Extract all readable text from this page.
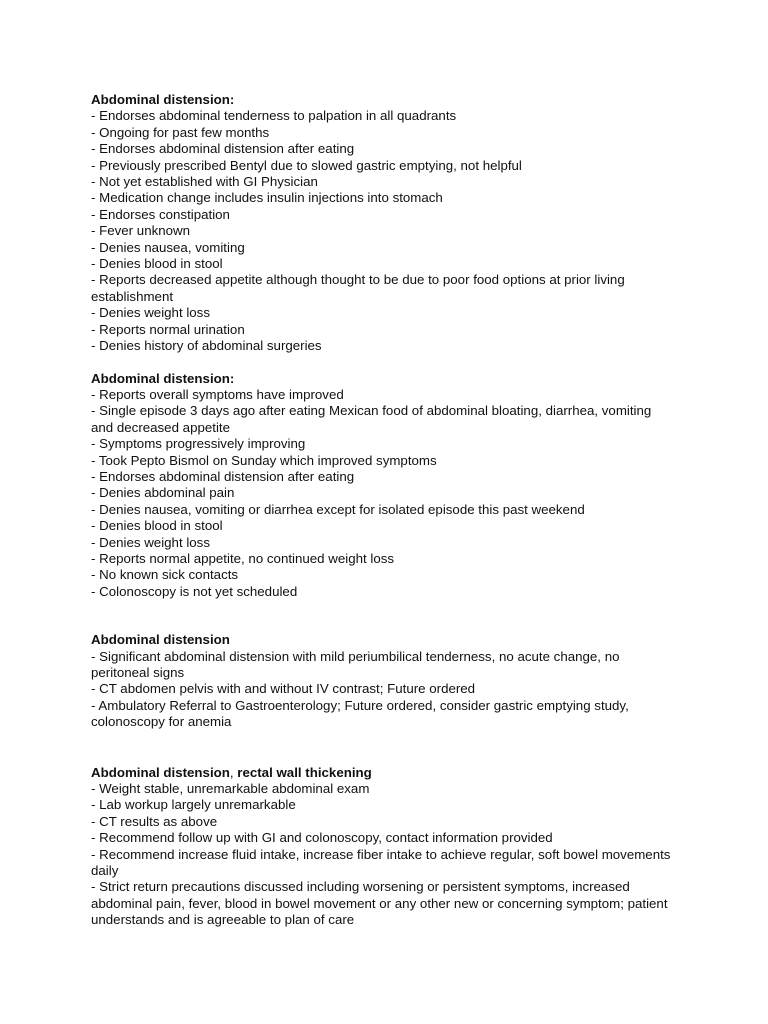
Abdominal distension:

- Endorses abdominal tenderness to palpation in all quadrants

- Ongoing for past few months

- Endorses abdominal distension after eating

- Previously prescribed Bentyl due to slowed gastric emptying, not helpful

- Not yet established with GI Physician

- Medication change includes insulin injections into stomach

- Endorses constipation

- Fever unknown

- Denies nausea, vomiting

- Denies blood in stool

- Reports decreased appetite although thought to be due to poor food options at prior living establishment

- Denies weight loss

- Reports normal urination

- Denies history of abdominal surgeries

Abdominal distension:

- Reports overall symptoms have improved

- Single episode 3 days ago after eating Mexican food of abdominal bloating, diarrhea, vomiting and decreased appetite

- Symptoms progressively improving

- Took Pepto Bismol on Sunday which improved symptoms

- Endorses abdominal distension after eating

- Denies abdominal pain

- Denies nausea, vomiting or diarrhea except for isolated episode this past weekend

- Denies blood in stool

- Denies weight loss

- Reports normal appetite, no continued weight loss

- No known sick contacts

- Colonoscopy is not yet scheduled

Abdominal distension

- Significant abdominal distension with mild periumbilical tenderness, no acute change, no peritoneal signs

- CT abdomen pelvis with and without IV contrast; Future ordered

- Ambulatory Referral to Gastroenterology; Future ordered, consider gastric emptying study, colonoscopy for anemia

Abdominal distension, rectal wall thickening

- Weight stable, unremarkable abdominal exam

- Lab workup largely unremarkable

- CT results as above

- Recommend follow up with GI and colonoscopy, contact information provided

- Recommend increase fluid intake, increase fiber intake to achieve regular, soft bowel movements daily

- Strict return precautions discussed including worsening or persistent symptoms, increased abdominal pain, fever, blood in bowel movement or any other new or concerning symptom; patient understands and is agreeable to plan of care
